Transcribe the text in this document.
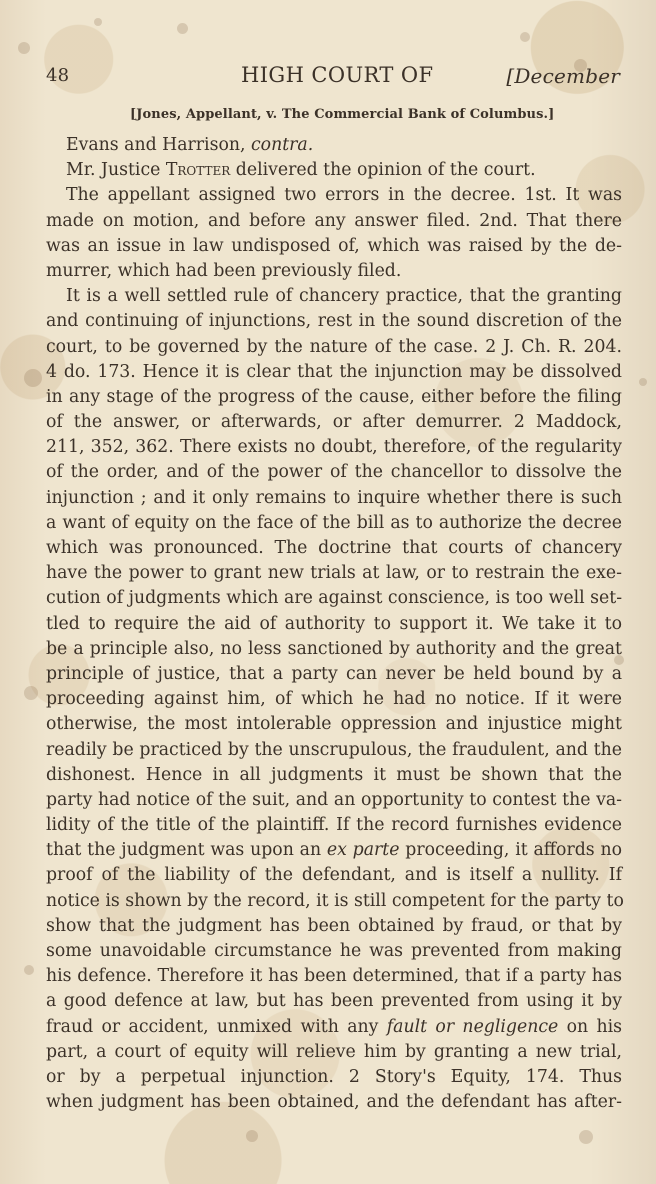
48	HIGH COURT OF	[December
[Jones, Appellant, v. The Commercial Bank of Columbus.]
Evans and Harrison, contra.
Mr. Justice Trotter delivered the opinion of the court.
The appellant assigned two errors in the decree. 1st. It was
made on motion, and before any answer filed. 2nd. That there
was an issue in law undisposed of, which was raised by the de-
murrer, which had been previously filed.
It is a well settled rule of chancery practice, that the granting
and continuing of injunctions, rest in the sound discretion of the
court, to be governed by the nature of the case. 2 J. Ch. R. 204.
4 do. 173. Hence it is clear that the injunction may be dissolved
in any stage of the progress of the cause, either before the filing
of the answer, or afterwards, or after demurrer. 2 Maddock,
211, 352, 362. There exists no doubt, therefore, of the regularity
of the order, and of the power of the chancellor to dissolve the
injunction ; and it only remains to inquire whether there is such
a want of equity on the face of the bill as to authorize the decree
which was pronounced. The doctrine that courts of chancery
have the power to grant new trials at law, or to restrain the exe-
cution of judgments which are against conscience, is too well set-
tled to require the aid of authority to support it. We take it to
be a principle also, no less sanctioned by authority and the great
principle of justice, that a party can never be held bound by a
proceeding against him, of which he had no notice. If it were
otherwise, the most intolerable oppression and injustice might
readily be practiced by the unscrupulous, the fraudulent, and the
dishonest. Hence in all judgments it must be shown that the
party had notice of the suit, and an opportunity to contest the va-
lidity of the title of the plaintiff. If the record furnishes evidence
that the judgment was upon an ex parte proceeding, it affords no
proof of the liability of the defendant, and is itself a nullity. If
notice is shown by the record, it is still competent for the party to
show that the judgment has been obtained by fraud, or that by
some unavoidable circumstance he was prevented from making
his defence. Therefore it has been determined, that if a party has
a good defence at law, but has been prevented from using it by
fraud or accident, unmixed with any fault or negligence on his
part, a court of equity will relieve him by granting a new trial,
or by a perpetual injunction. 2 Story's Equity, 174. Thus
when judgment has been obtained, and the defendant has after-
